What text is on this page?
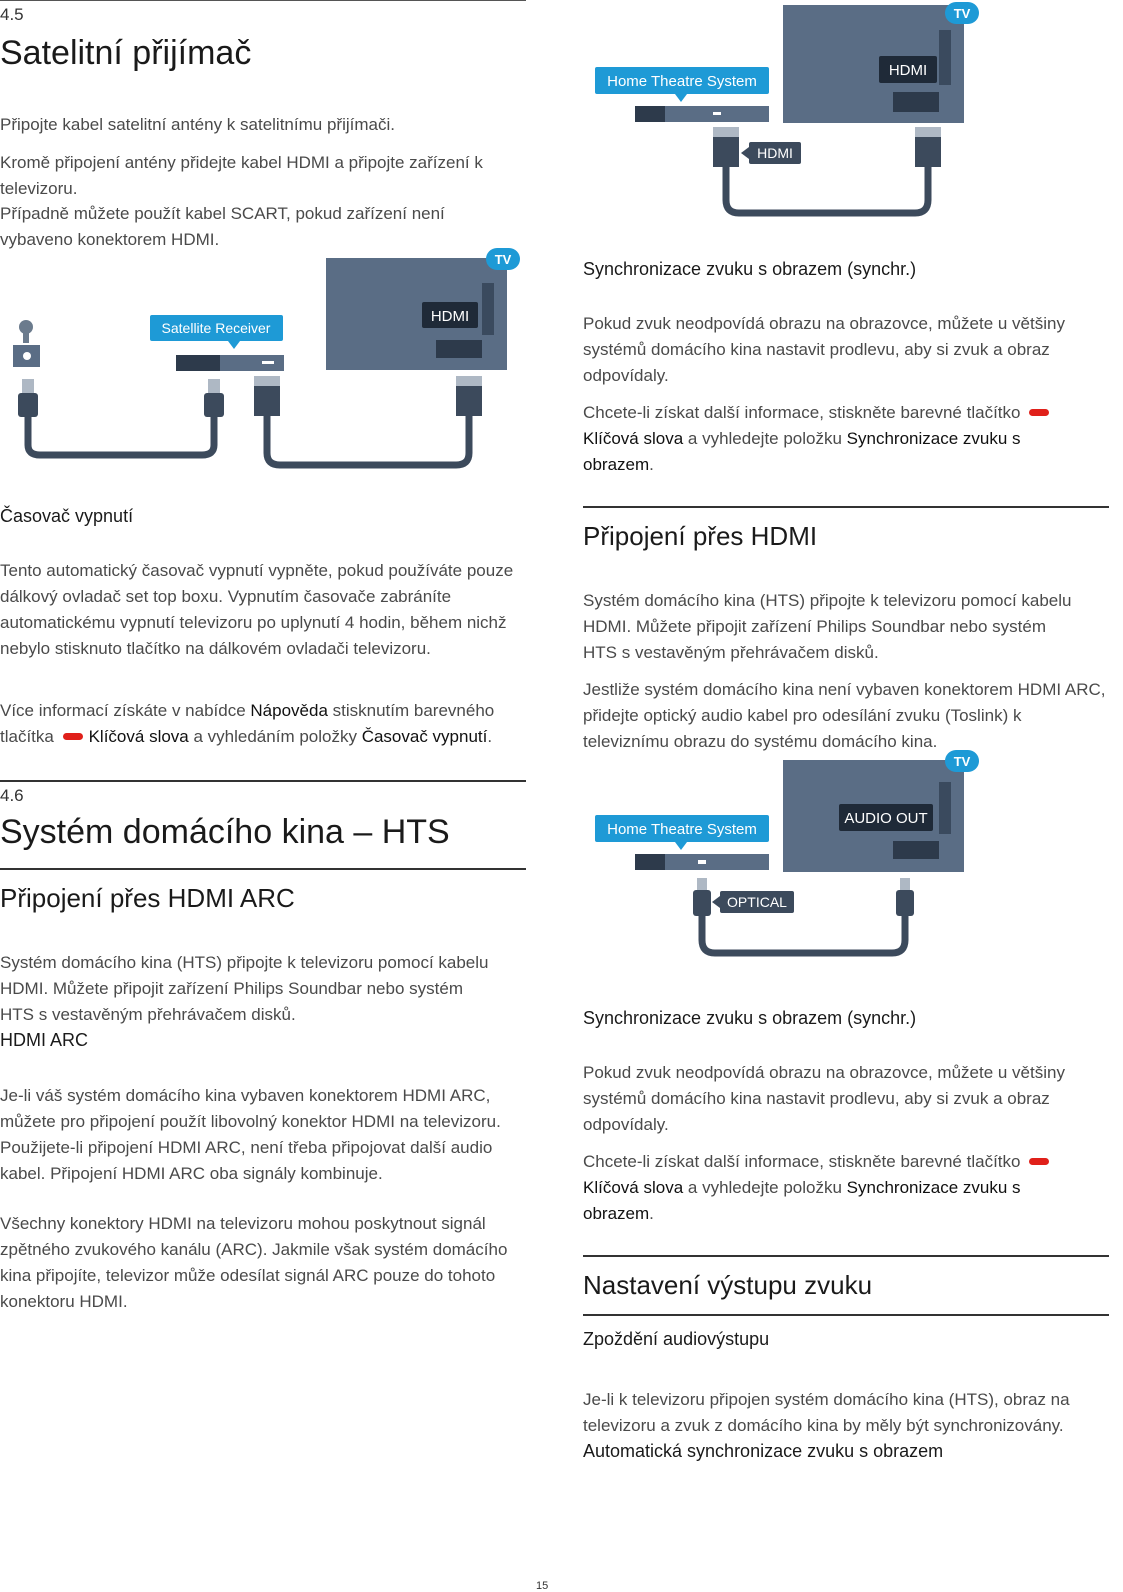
4.5
Satelitní přijímač

Připojte kabel satelitní antény k satelitnímu přijímači.

Kromě připojení antény přidejte kabel HDMI a připojte zařízení k televizoru.

Případně můžete použít kabel SCART, pokud zařízení není vybaveno konektorem HDMI.

TV
HDMI
Satellite Receiver
Časovač vypnutí

Tento automatický časovač vypnutí vypněte, pokud používáte pouze dálkový ovladač set top boxu. Vypnutím časovače zabráníte automatickému vypnutí televizoru po uplynutí 4 hodin, během nichž nebylo stisknuto tlačítko na dálkovém ovladači televizoru.

Více informací získáte v nabídce Nápověda stisknutím barevného tlačítka Klíčová slova a vyhledáním položky Časovač vypnutí.

4.6
Systém domácího kina – HTS
Připojení přes HDMI ARC

Systém domácího kina (HTS) připojte k televizoru pomocí kabelu HDMI. Můžete připojit zařízení Philips Soundbar nebo systém HTS s vestavěným přehrávačem disků.

HDMI ARC

Je-li váš systém domácího kina vybaven konektorem HDMI ARC, můžete pro připojení použít libovolný konektor HDMI na televizoru. Použijete-li připojení HDMI ARC, není třeba připojovat další audio kabel. Připojení HDMI ARC oba signály kombinuje.

Všechny konektory HDMI na televizoru mohou poskytnout signál zpětného zvukového kanálu (ARC). Jakmile však systém domácího kina připojíte, televizor může odesílat signál ARC pouze do tohoto konektoru HDMI.

TV
HDMI
Home Theatre System
HDMI
Synchronizace zvuku s obrazem (synchr.)

Pokud zvuk neodpovídá obrazu na obrazovce, můžete u většiny systémů domácího kina nastavit prodlevu, aby si zvuk a obraz odpovídaly.

Chcete-li získat další informace, stiskněte barevné tlačítko Klíčová slova a vyhledejte položku Synchronizace zvuku s obrazem.

Připojení přes HDMI

Systém domácího kina (HTS) připojte k televizoru pomocí kabelu HDMI. Můžete připojit zařízení Philips Soundbar nebo systém HTS s vestavěným přehrávačem disků.

Jestliže systém domácího kina není vybaven konektorem HDMI ARC, přidejte optický audio kabel pro odesílání zvuku (Toslink) k televiznímu obrazu do systému domácího kina.

TV
AUDIO OUT
Home Theatre System
OPTICAL
Synchronizace zvuku s obrazem (synchr.)

Pokud zvuk neodpovídá obrazu na obrazovce, můžete u většiny systémů domácího kina nastavit prodlevu, aby si zvuk a obraz odpovídaly.

Chcete-li získat další informace, stiskněte barevné tlačítko Klíčová slova a vyhledejte položku Synchronizace zvuku s obrazem.

Nastavení výstupu zvuku
Zpoždění audiovýstupu

Je-li k televizoru připojen systém domácího kina (HTS), obraz na televizoru a zvuk z domácího kina by měly být synchronizovány.

Automatická synchronizace zvuku s obrazem
15
